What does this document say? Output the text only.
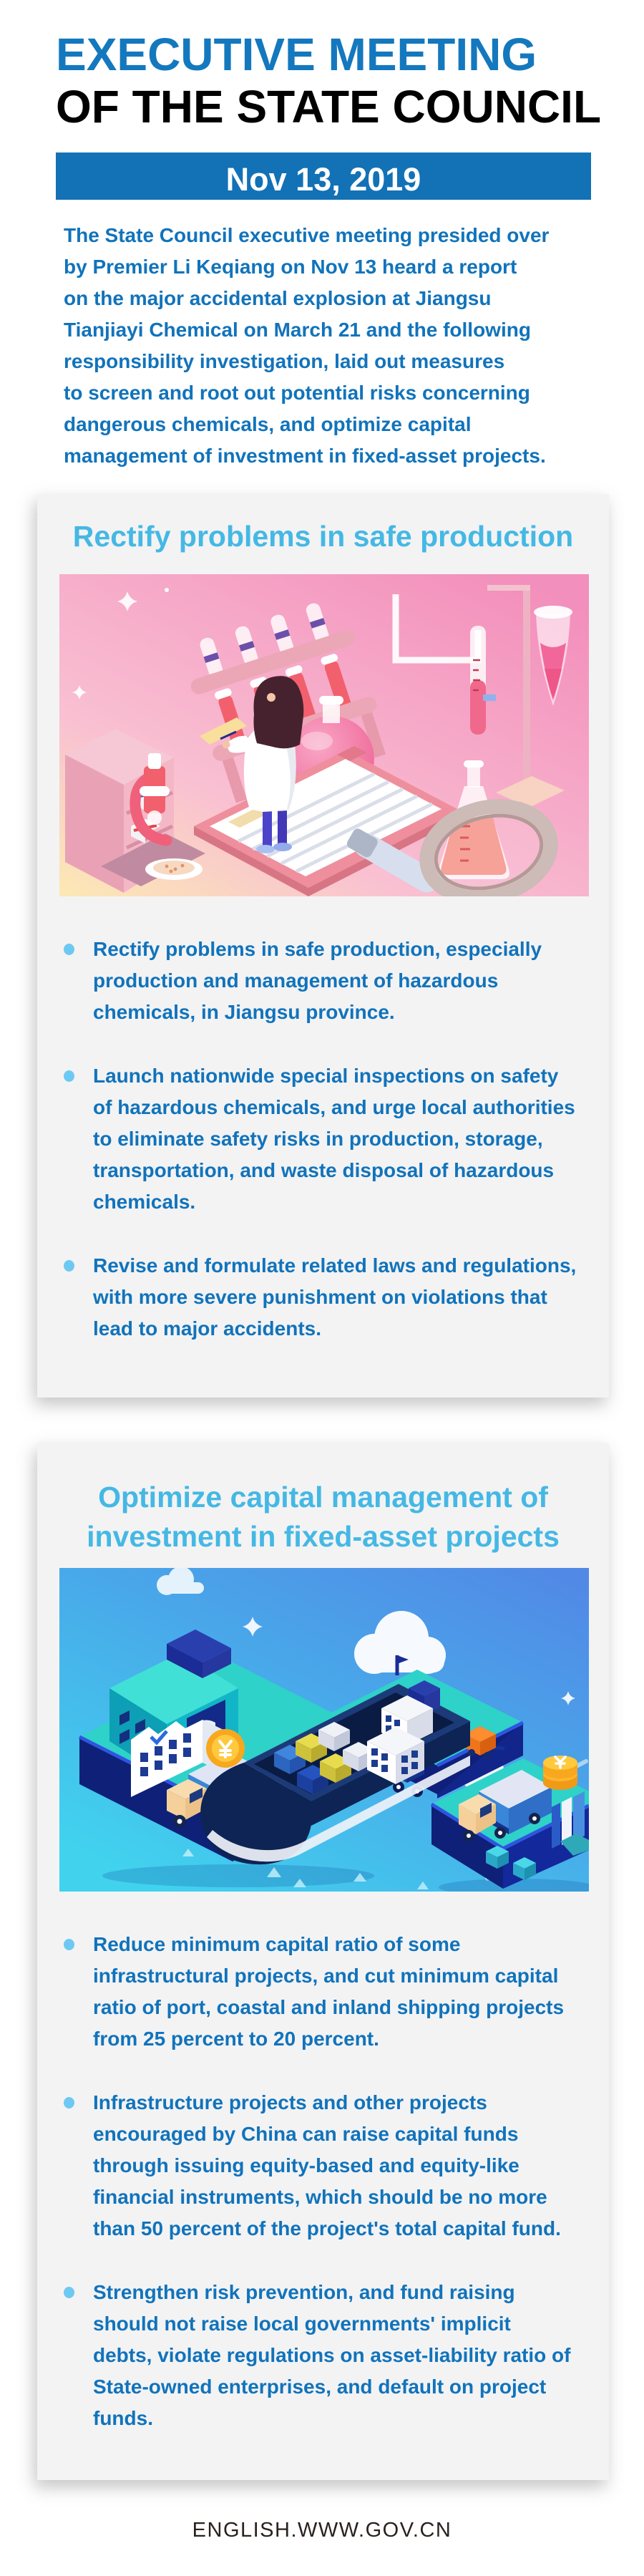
EXECUTIVE MEETING
OF THE STATE COUNCIL
Nov 13, 2019
The State Council executive meeting presided over
by Premier Li Keqiang on Nov 13 heard a report
on the major accidental explosion at Jiangsu
Tianjiayi Chemical on March 21 and the following
responsibility investigation, laid out measures
to screen and root out potential risks concerning
dangerous chemicals, and optimize capital
management of investment in fixed-asset projects.
Rectify problems in safe production
Rectify problems in safe production, especially
production and management of hazardous
chemicals, in Jiangsu province.
Launch nationwide special inspections on safety
of hazardous chemicals, and urge local authorities
to eliminate safety risks in production, storage,
transportation, and waste disposal of hazardous
chemicals.
Revise and formulate related laws and regulations,
with more severe punishment on violations that
lead to major accidents.
Optimize capital management of
investment in fixed-asset projects
Reduce minimum capital ratio of some
infrastructural projects, and cut minimum capital
ratio of port, coastal and inland shipping projects
from 25 percent to 20 percent.
Infrastructure projects and other projects
encouraged by China can raise capital funds
through issuing equity-based and equity-like
financial instruments, which should be no more
than 50 percent of the project's total capital fund.
Strengthen risk prevention, and fund raising
should not raise local governments' implicit
debts, violate regulations on asset-liability ratio of
State-owned enterprises, and default on project
funds.
ENGLISH.WWW.GOV.CN
